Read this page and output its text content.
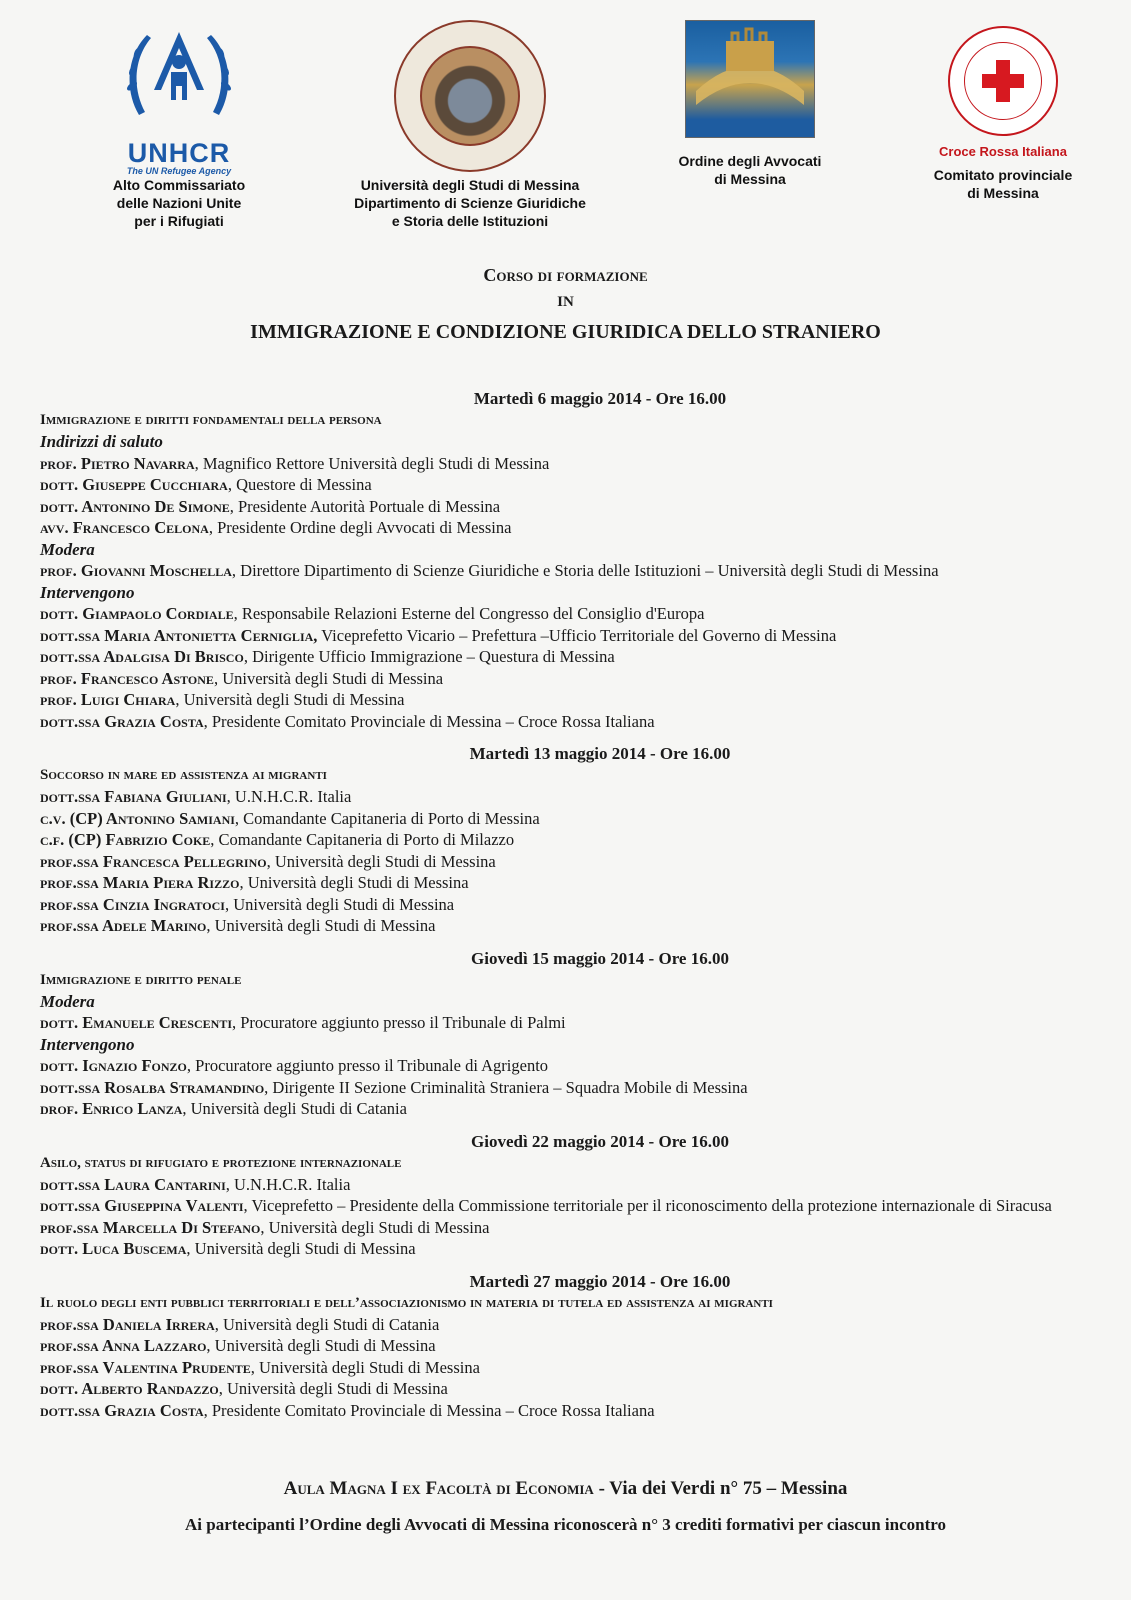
UNHCR
The UN Refugee Agency
Alto Commissariato
delle Nazioni Unite
per i Rifugiati
Università degli Studi di Messina
Dipartimento di Scienze Giuridiche
e Storia delle Istituzioni
Ordine degli Avvocati
di Messina
Croce Rossa Italiana
Comitato provinciale
di Messina
Corso di formazione
IN
IMMIGRAZIONE E CONDIZIONE GIURIDICA DELLO STRANIERO
Martedì 6 maggio 2014 - Ore 16.00
Immigrazione e diritti fondamentali della persona
Indirizzi di saluto
prof. Pietro Navarra, Magnifico Rettore Università degli Studi di Messina
dott. Giuseppe Cucchiara, Questore di Messina
dott. Antonino De Simone, Presidente Autorità Portuale di Messina
avv. Francesco Celona, Presidente Ordine degli Avvocati di Messina
Modera
prof. Giovanni Moschella, Direttore Dipartimento di Scienze Giuridiche e Storia delle Istituzioni – Università degli Studi di Messina
Intervengono
dott. Giampaolo Cordiale, Responsabile Relazioni Esterne del Congresso del Consiglio d'Europa
dott.ssa Maria Antonietta Cerniglia, Viceprefetto Vicario – Prefettura –Ufficio Territoriale del Governo di Messina
dott.ssa Adalgisa Di Brisco, Dirigente Ufficio Immigrazione – Questura di Messina
prof. Francesco Astone, Università degli Studi di Messina
prof. Luigi Chiara, Università degli Studi di Messina
dott.ssa Grazia Costa, Presidente Comitato Provinciale di Messina – Croce Rossa Italiana
Martedì 13 maggio 2014 - Ore 16.00
Soccorso in mare ed assistenza ai migranti
dott.ssa Fabiana Giuliani, U.N.H.C.R. Italia
c.v. (CP) Antonino Samiani, Comandante Capitaneria di Porto di Messina
c.f. (CP) Fabrizio Coke, Comandante Capitaneria di Porto di Milazzo
prof.ssa Francesca Pellegrino, Università degli Studi di Messina
prof.ssa Maria Piera Rizzo, Università degli Studi di Messina
prof.ssa Cinzia Ingratoci, Università degli Studi di Messina
prof.ssa Adele Marino, Università degli Studi di Messina
Giovedì 15 maggio 2014 - Ore 16.00
Immigrazione e diritto penale
Modera
dott. Emanuele Crescenti, Procuratore aggiunto presso il Tribunale di Palmi
Intervengono
dott. Ignazio Fonzo, Procuratore aggiunto presso il Tribunale di Agrigento
dott.ssa Rosalba Stramandino, Dirigente II Sezione Criminalità Straniera – Squadra Mobile di Messina
drof. Enrico Lanza, Università degli Studi di Catania
Giovedì 22 maggio 2014 - Ore 16.00
Asilo, status di rifugiato e protezione internazionale
dott.ssa Laura Cantarini, U.N.H.C.R. Italia
dott.ssa Giuseppina Valenti, Viceprefetto – Presidente della Commissione territoriale per il riconoscimento della protezione internazionale di Siracusa
prof.ssa Marcella Di Stefano, Università degli Studi di Messina
dott. Luca Buscema, Università degli Studi di Messina
Martedì 27 maggio 2014 - Ore 16.00
Il ruolo degli enti pubblici territoriali e dell’associazionismo in materia di tutela ed assistenza ai migranti
prof.ssa Daniela Irrera, Università degli Studi di Catania
prof.ssa Anna Lazzaro, Università degli Studi di Messina
prof.ssa Valentina Prudente, Università degli Studi di Messina
dott. Alberto Randazzo, Università degli Studi di Messina
dott.ssa Grazia Costa, Presidente Comitato Provinciale di Messina – Croce Rossa Italiana
Aula Magna I ex Facoltà di Economia - Via dei Verdi n° 75 – Messina
Ai partecipanti l’Ordine degli Avvocati di Messina riconoscerà n° 3 crediti formativi per ciascun incontro
